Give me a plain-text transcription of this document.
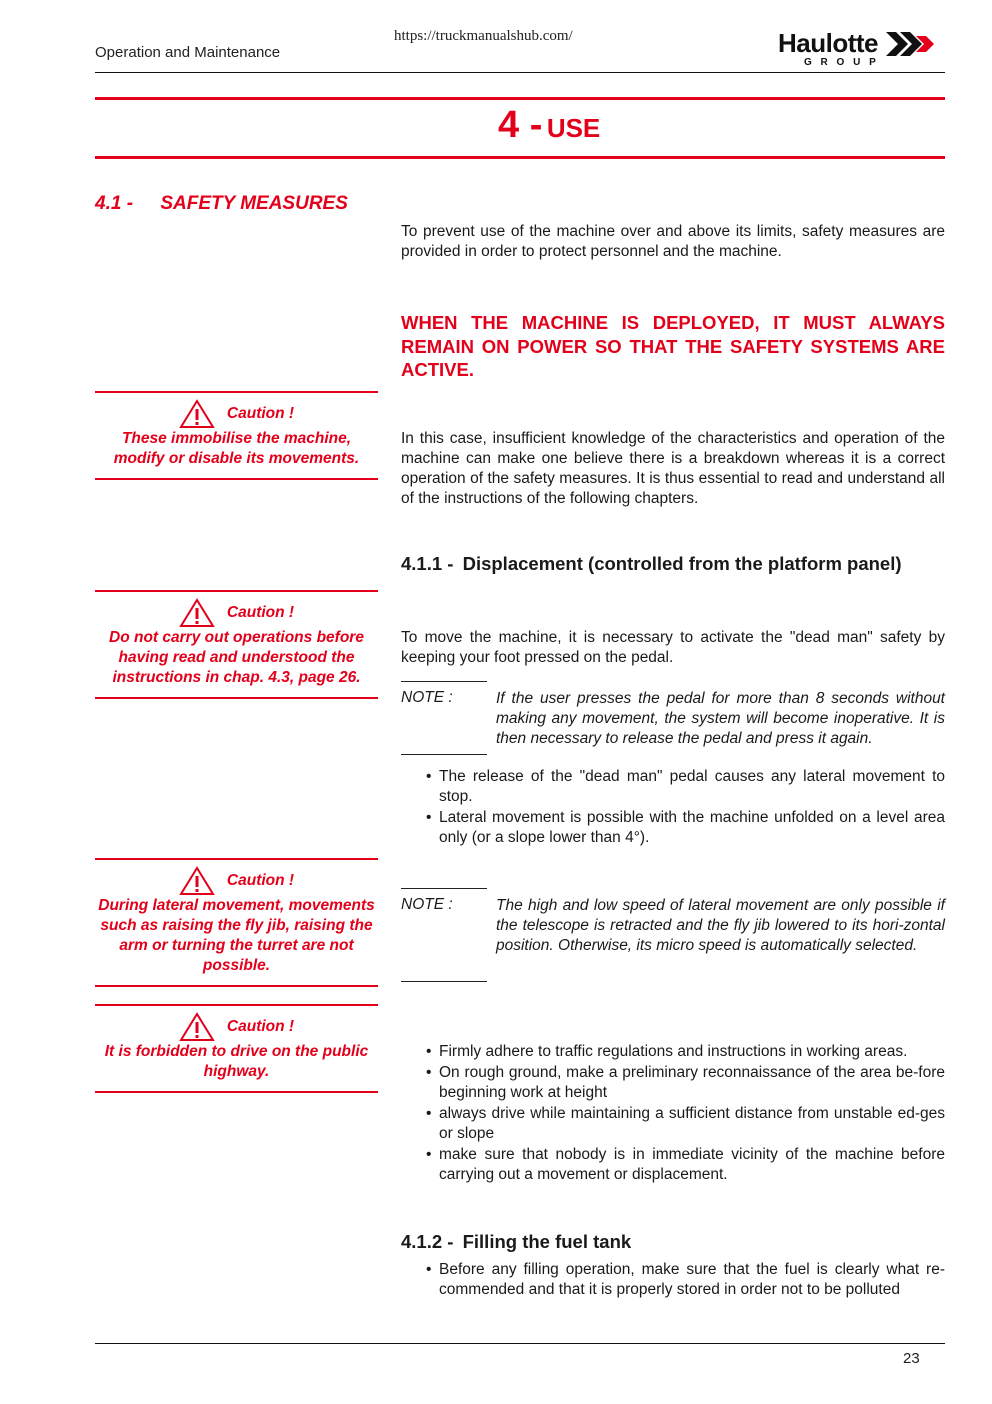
https://truckmanualshub.com/
Operation and Maintenance	Haulotte
G R O U P
4 - USE
4.1 - SAFETY MEASURES
To prevent use of the machine over and above its limits, safety measures are provided in order to protect personnel and the machine.
WHEN THE MACHINE IS DEPLOYED, IT MUST ALWAYS REMAIN ON POWER SO THAT THE SAFETY SYSTEMS ARE ACTIVE.
Caution !
These immobilise the machine, modify or disable its movements.
In this case, insufficient knowledge of the characteristics and operation of the machine can make one believe there is a breakdown whereas it is a correct operation of the safety measures. It is thus essential to read and understand all of the instructions of the following chapters.
4.1.1 - Displacement (controlled from the platform panel)
Caution !
Do not carry out operations before having read and understood the instructions in chap. 4.3, page 26.
To move the machine, it is necessary to activate the "dead man" safety by keeping your foot pressed on the pedal.
NOTE :	If the user presses the pedal for more than 8 seconds without making any movement, the system will become inoperative. It is then necessary to release the pedal and press it again.
• The release of the "dead man" pedal causes any lateral movement to stop.
• Lateral movement is possible with the machine unfolded on a level area only (or a slope lower than 4°).
Caution !
During lateral movement, movements such as raising the fly jib, raising the arm or turning the turret are not possible.
NOTE :	The high and low speed of lateral movement are only possible if the telescope is retracted and the fly jib lowered to its hori-zontal position. Otherwise, its micro speed is automatically selected.
Caution !
It is forbidden to drive on the public highway.
• Firmly adhere to traffic regulations and instructions in working areas.
• On rough ground, make a preliminary reconnaissance of the area be-fore beginning work at height
• always drive while maintaining a sufficient distance from unstable ed-ges or slope
• make sure that nobody is in immediate vicinity of the machine before carrying out a movement or displacement.
4.1.2 - Filling the fuel tank
• Before any filling operation, make sure that the fuel is clearly what re-commended and that it is properly stored in order not to be polluted
23
